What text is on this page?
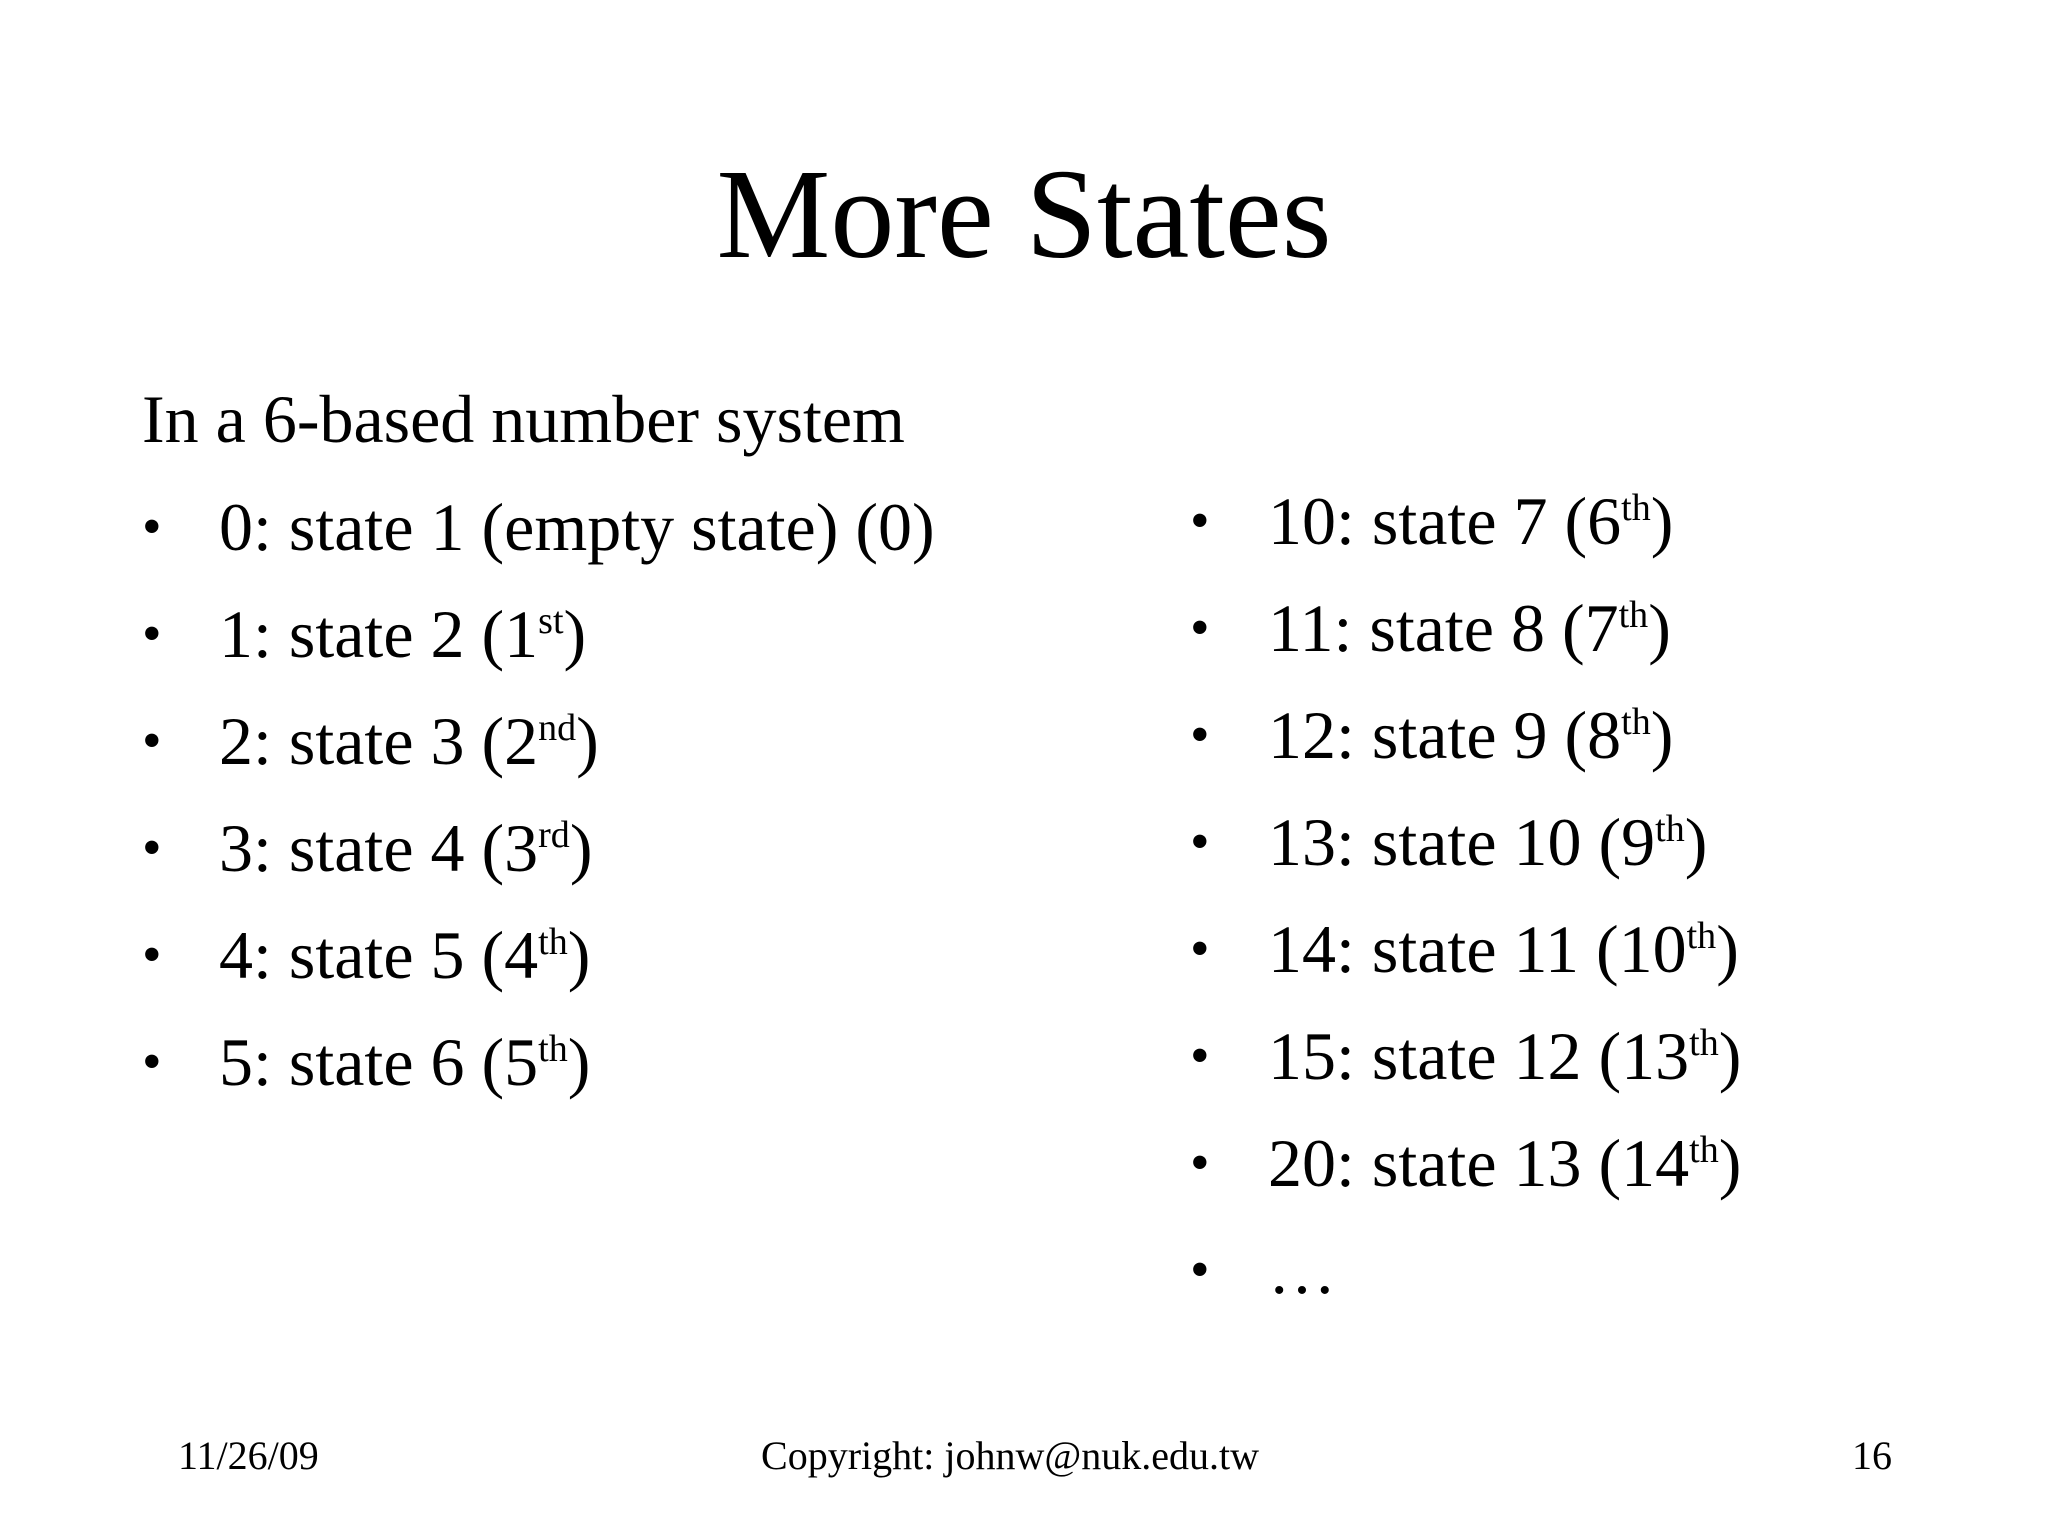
More States
In a 6-based number system
• 0: state 1 (empty state) (0)
• 1: state 2 (1st)
• 2: state 3 (2nd)
• 3: state 4 (3rd)
• 4: state 5 (4th)
• 5: state 6 (5th)
• 10: state 7 (6th)
• 11: state 8 (7th)
• 12: state 9 (8th)
• 13: state 10 (9th)
• 14: state 11 (10th)
• 15: state 12 (13th)
• 20: state 13 (14th)
• …
11/26/09	Copyright: johnw@nuk.edu.tw	16
